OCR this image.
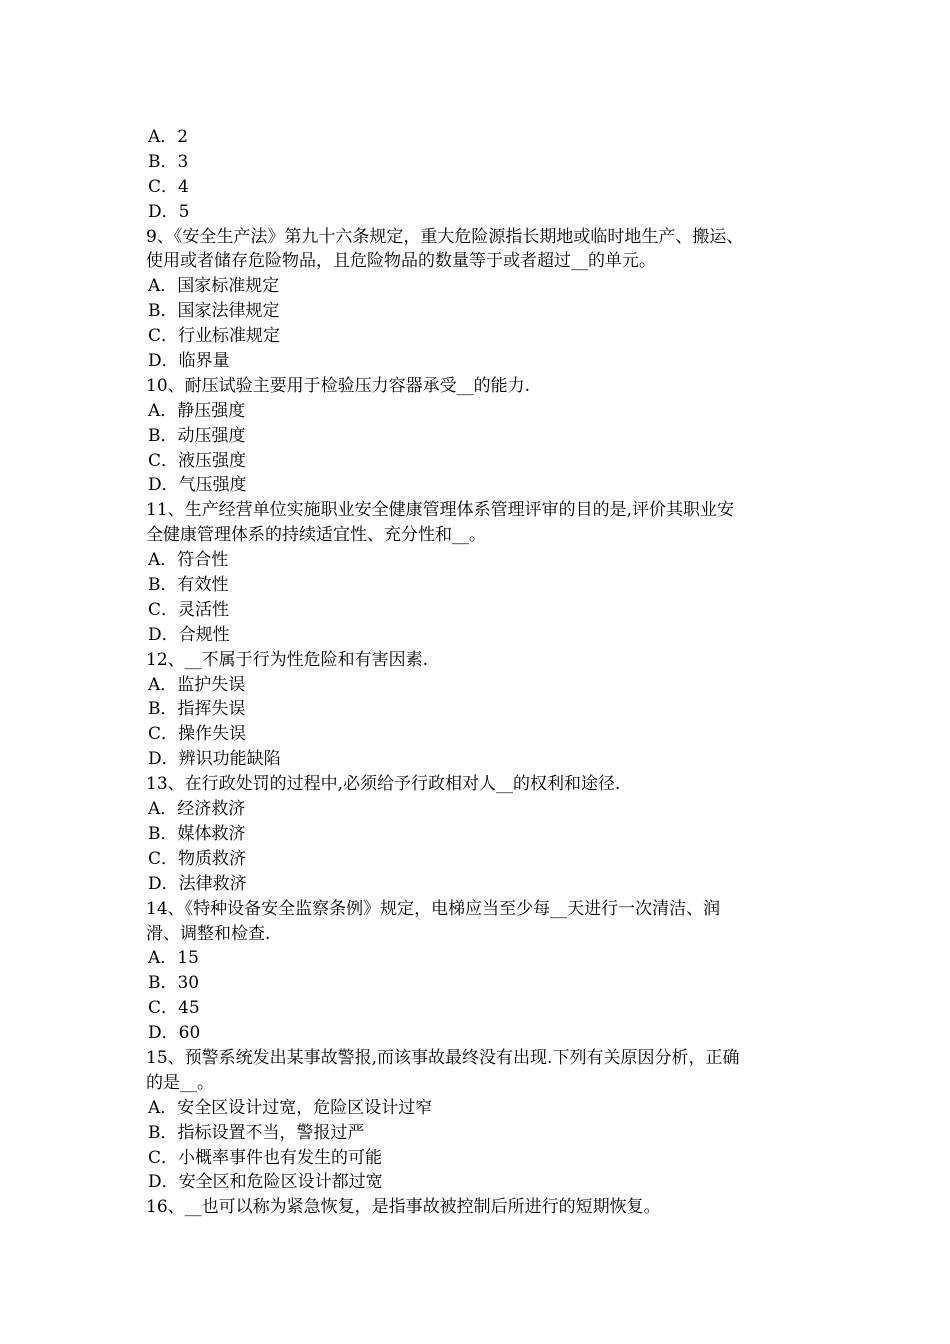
A．2
B．3
C．4
D．5
9、《安全生产法》第九十六条规定，重大危险源指长期地或临时地生产、搬运、
使用或者储存危险物品，且危险物品的数量等于或者超过__的单元。
A．国家标准规定
B．国家法律规定
C．行业标准规定
D．临界量
10、耐压试验主要用于检验压力容器承受__的能力.
A．静压强度
B．动压强度
C．液压强度
D．气压强度
11、生产经营单位实施职业安全健康管理体系管理评审的目的是,评价其职业安
全健康管理体系的持续适宜性、充分性和__。
A．符合性
B．有效性
C．灵活性
D．合规性
12、__不属于行为性危险和有害因素.
A．监护失误
B．指挥失误
C．操作失误
D．辨识功能缺陷
13、在行政处罚的过程中,必须给予行政相对人__的权利和途径.
A．经济救济
B．媒体救济
C．物质救济
D．法律救济
14、《特种设备安全监察条例》规定，电梯应当至少每__天进行一次清洁、润
滑、调整和检查.
A．15
B．30
C．45
D．60
15、预警系统发出某事故警报,而该事故最终没有出现.下列有关原因分析，正确
的是__。
A．安全区设计过宽，危险区设计过窄
B．指标设置不当，警报过严
C．小概率事件也有发生的可能
D．安全区和危险区设计都过宽
16、__也可以称为紧急恢复，是指事故被控制后所进行的短期恢复。
